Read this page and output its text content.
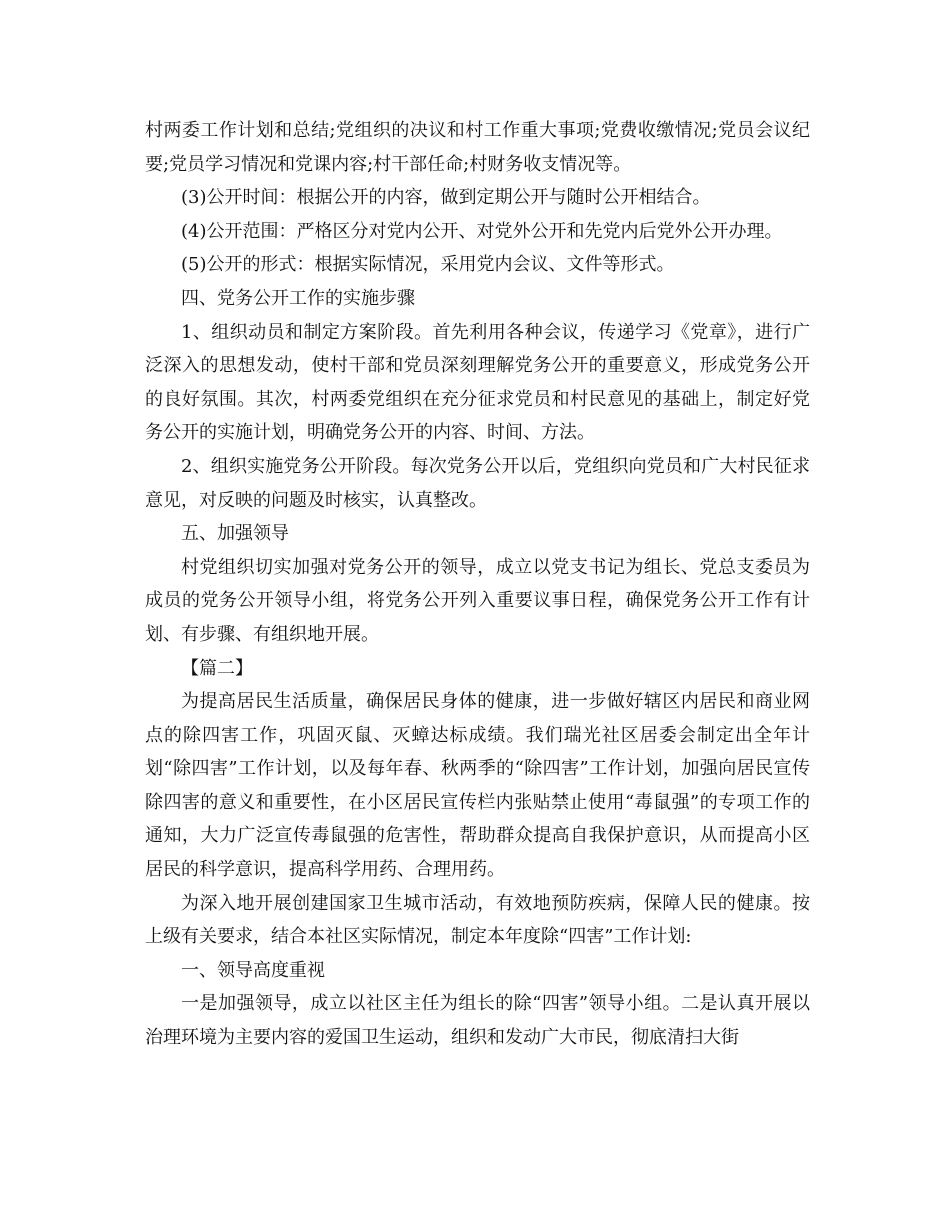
村两委工作计划和总结;党组织的决议和村工作重大事项;党费收缴情况;党员会议纪要;党员学习情况和党课内容;村干部任命;村财务收支情况等。

(3)公开时间：根据公开的内容，做到定期公开与随时公开相结合。

(4)公开范围：严格区分对党内公开、对党外公开和先党内后党外公开办理。

(5)公开的形式：根据实际情况，采用党内会议、文件等形式。

四、党务公开工作的实施步骤

1、组织动员和制定方案阶段。首先利用各种会议，传递学习《党章》，进行广泛深入的思想发动，使村干部和党员深刻理解党务公开的重要意义，形成党务公开的良好氛围。其次，村两委党组织在充分征求党员和村民意见的基础上，制定好党务公开的实施计划，明确党务公开的内容、时间、方法。

2、组织实施党务公开阶段。每次党务公开以后，党组织向党员和广大村民征求意见，对反映的问题及时核实，认真整改。

五、加强领导

村党组织切实加强对党务公开的领导，成立以党支书记为组长、党总支委员为成员的党务公开领导小组，将党务公开列入重要议事日程，确保党务公开工作有计划、有步骤、有组织地开展。

【篇二】

为提高居民生活质量，确保居民身体的健康，进一步做好辖区内居民和商业网点的除四害工作，巩固灭鼠、灭蟑达标成绩。我们瑞光社区居委会制定出全年计划“除四害”工作计划，以及每年春、秋两季的“除四害”工作计划，加强向居民宣传除四害的意义和重要性，在小区居民宣传栏内张贴禁止使用“毒鼠强”的专项工作的通知，大力广泛宣传毒鼠强的危害性，帮助群众提高自我保护意识，从而提高小区居民的科学意识，提高科学用药、合理用药。

为深入地开展创建国家卫生城市活动，有效地预防疾病，保障人民的健康。按上级有关要求，结合本社区实际情况，制定本年度除“四害”工作计划:

一、领导高度重视

一是加强领导，成立以社区主任为组长的除“四害”领导小组。二是认真开展以治理环境为主要内容的爱国卫生运动，组织和发动广大市民，彻底清扫大街
